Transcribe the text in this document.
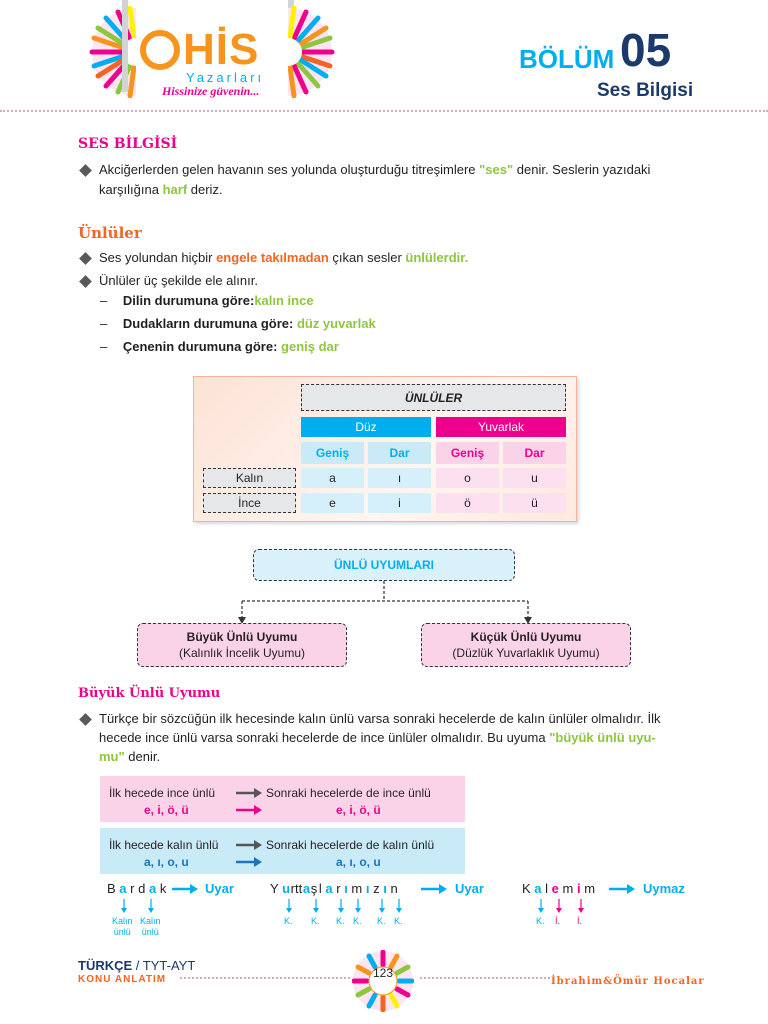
HİS
Yazarları
Hissinize güvenin...
BÖLÜM 05
Ses Bilgisi
SES BİLGİSİ
Akciğerlerden gelen havanın ses yolunda oluşturduğu titreşimlere "ses" denir. Seslerin yazıdaki
karşılığına harf deriz.
Ünlüler
Ses yolundan hiçbir engele takılmadan çıkan sesler ünlülerdir.
Ünlüler üç şekilde ele alınır.
– Dilin durumuna göre:kalın ince
– Dudakların durumuna göre: düz yuvarlak
– Çenenin durumuna göre: geniş dar
ÜNLÜLER
Düz	Yuvarlak
Geniş	Dar	Geniş	Dar
Kalın	a	ı	o	u
İnce	e	i	ö	ü
ÜNLÜ UYUMLARI
Büyük Ünlü Uyumu
(Kalınlık İncelik Uyumu)
Küçük Ünlü Uyumu
(Düzlük Yuvarlaklık Uyumu)
Büyük Ünlü Uyumu
Türkçe bir sözcüğün ilk hecesinde kalın ünlü varsa sonraki hecelerde de kalın ünlüler olmalıdır. İlk
hecede ince ünlü varsa sonraki hecelerde de ince ünlüler olmalıdır. Bu uyuma "büyük ünlü uyu-
mu" denir.
İlk hecede ince ünlü	Sonraki hecelerde de ince ünlü
e, i, ö, ü	e, i, ö, ü
İlk hecede kalın ünlü	Sonraki hecelerde de kalın ünlü
a, ı, o, u	a, ı, o, u
B a r d a k	Uyar
Kalın
ünlü
Kalın
ünlü
Y u rtt a ş l a r ı m ı z ı n	Uyar
K. K. K. K. K. K.
K a l e m i m	Uymaz
K. İ. İ.
TÜRKÇE / TYT-AYT
KONU ANLATIM	123
İbrahim&Ömür Hocalar
